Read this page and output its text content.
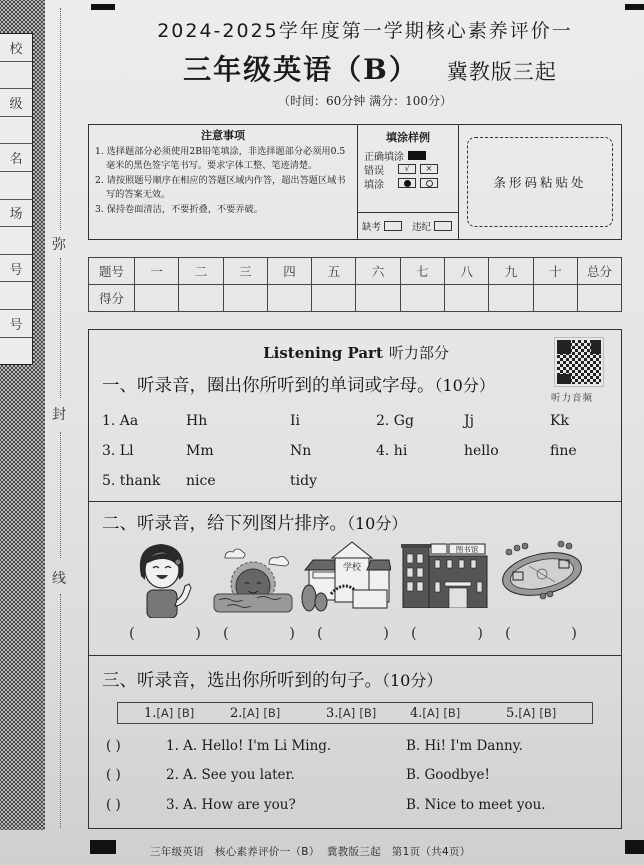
校
级
名
场
号
号
弥
封
线
2024-2025学年度第一学期核心素养评价一
三年级英语（B） 冀教版三起
（时间：60分钟 满分：100分）
注意事项
1. 选择题部分必须使用2B铅笔填涂，非选择题部分必须用0.5毫米的黑色签字笔书写。要求字体工整、笔迹清楚。
2. 请按照题号顺序在相应的答题区域内作答，超出答题区域书写的答案无效。
3. 保持卷面清洁，不要折叠，不要弄破。
填涂样例
正确填涂
错误	√	×
填涂
缺考	违纪
条形码粘贴处
题号	一	二	三	四	五	六	七	八	九	十	总分
得分											
Listening Part 听力部分
听力音频
一、听录音，圈出你所听到的单词或字母。（10分）
1. Aa	Hh	Ii	2. Gg	Jj	Kk
3. Ll	Mm	Nn	4. hi	hello	fine
5. thank	nice	tidy
二、听录音，给下列图片排序。（10分）
学校
图书馆
(	) (	) (	) (	) (	)
三、听录音，选出你所听到的句子。（10分）
1.[A] [B]	2.[A] [B]	3.[A] [B]	4.[A] [B]	5.[A] [B]
( )	1. A. Hello! I'm Li Ming.	B. Hi! I'm Danny.
( )	2. A. See you later.	B. Goodbye!
( )	3. A. How are you?	B. Nice to meet you.
三年级英语   核心素养评价一（B）  冀教版三起   第1页（共4页）
